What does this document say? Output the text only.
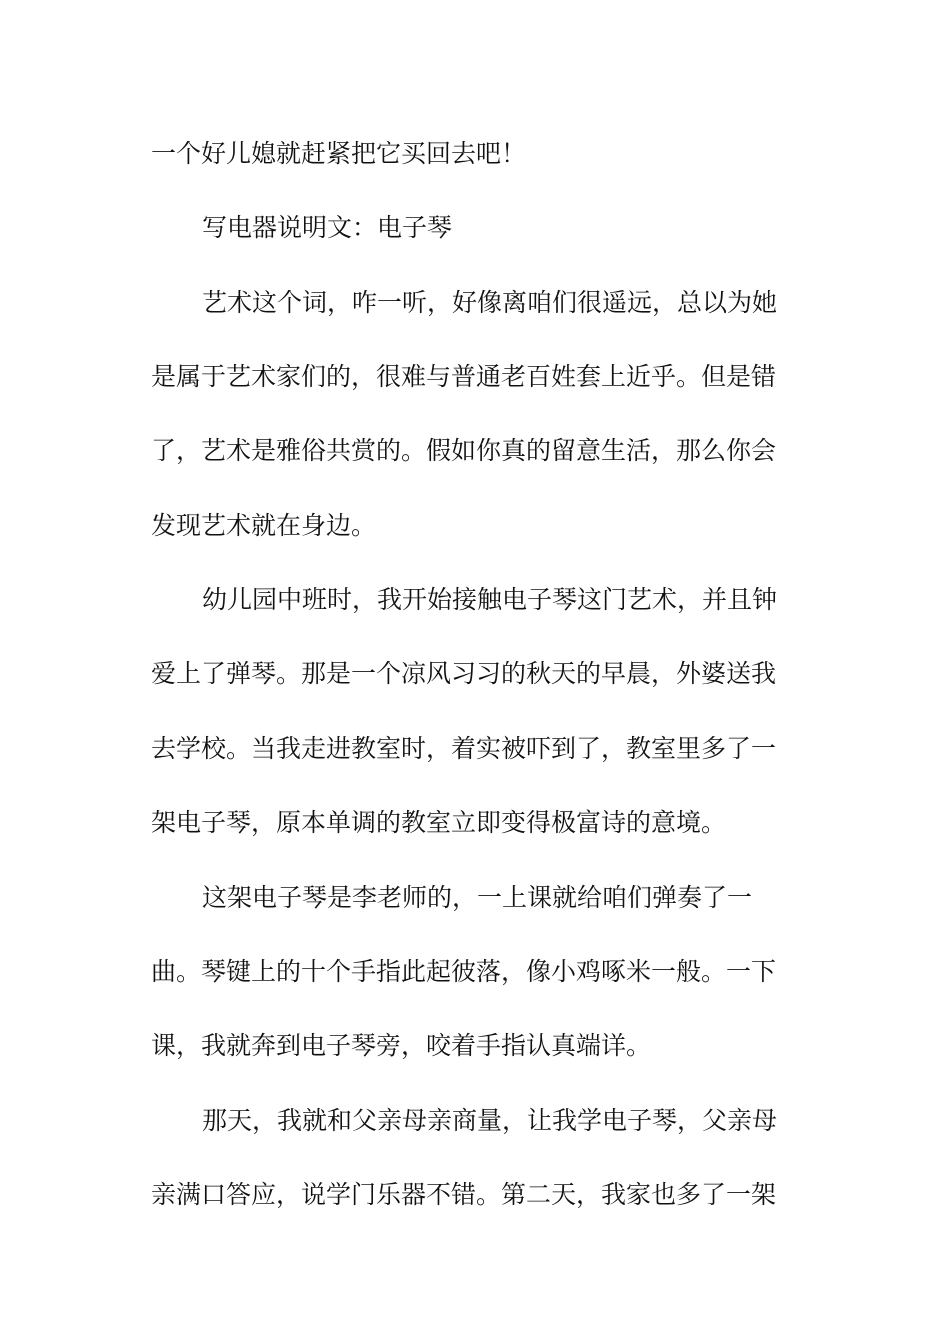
一个好儿媳就赶紧把它买回去吧！
写电器说明文：电子琴
艺术这个词，咋一听，好像离咱们很遥远，总以为她
是属于艺术家们的，很难与普通老百姓套上近乎。但是错
了，艺术是雅俗共赏的。假如你真的留意生活，那么你会
发现艺术就在身边。
幼儿园中班时，我开始接触电子琴这门艺术，并且钟
爱上了弹琴。那是一个凉风习习的秋天的早晨，外婆送我
去学校。当我走进教室时，着实被吓到了，教室里多了一
架电子琴，原本单调的教室立即变得极富诗的意境。
这架电子琴是李老师的，一上课就给咱们弹奏了一
曲。琴键上的十个手指此起彼落，像小鸡啄米一般。一下
课，我就奔到电子琴旁，咬着手指认真端详。
那天，我就和父亲母亲商量，让我学电子琴，父亲母
亲满口答应，说学门乐器不错。第二天，我家也多了一架
